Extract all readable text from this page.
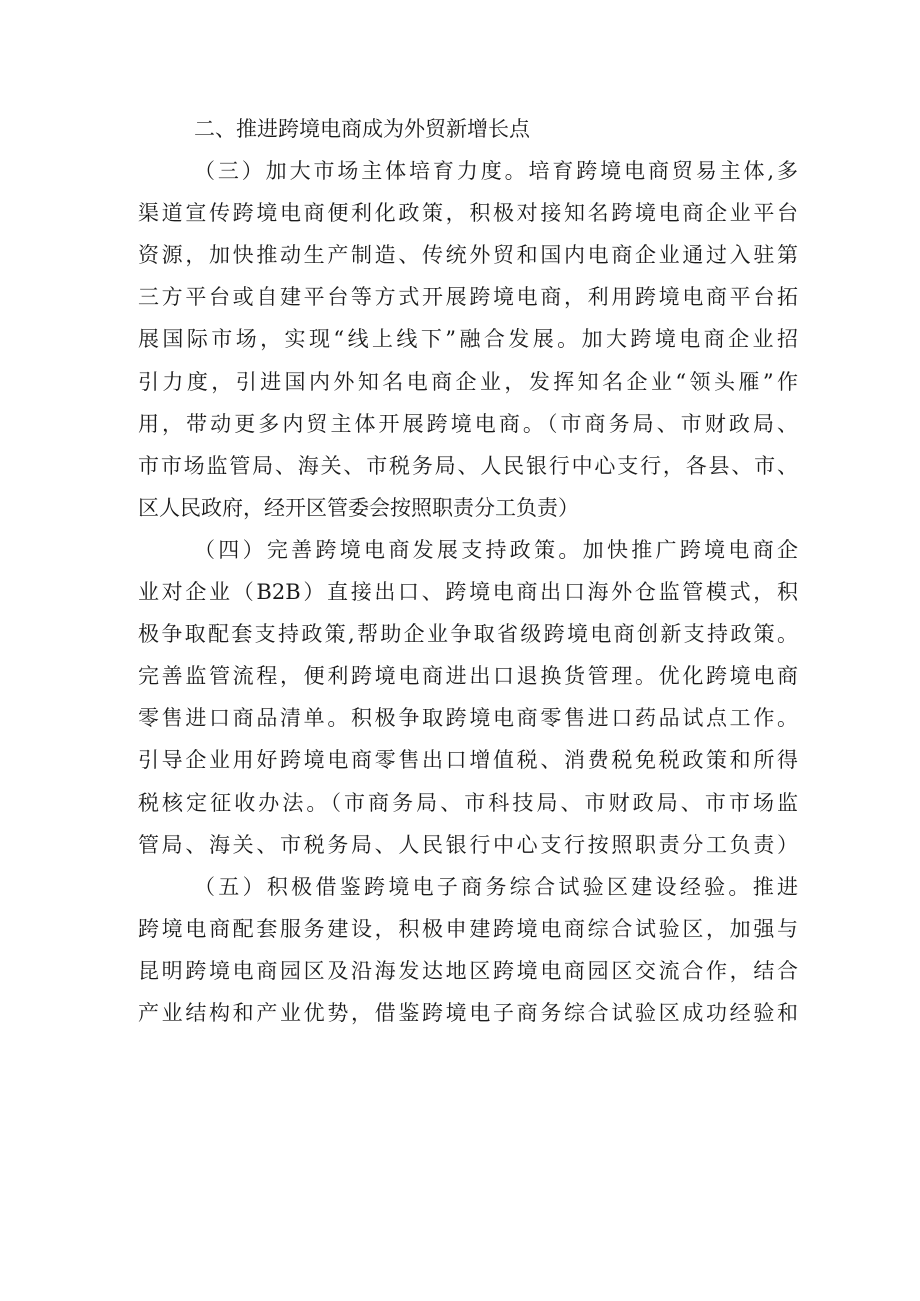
二、推进跨境电商成为外贸新增长点
（三）加大市场主体培育力度。培育跨境电商贸易主体,多
渠道宣传跨境电商便利化政策，积极对接知名跨境电商企业平台
资源，加快推动生产制造、传统外贸和国内电商企业通过入驻第
三方平台或自建平台等方式开展跨境电商，利用跨境电商平台拓
展国际市场，实现“线上线下”融合发展。加大跨境电商企业招
引力度，引进国内外知名电商企业，发挥知名企业“领头雁”作
用，带动更多内贸主体开展跨境电商。（市商务局、市财政局、
市市场监管局、海关、市税务局、人民银行中心支行，各县、市、
区人民政府，经开区管委会按照职责分工负责）
（四）完善跨境电商发展支持政策。加快推广跨境电商企
业对企业（B2B）直接出口、跨境电商出口海外仓监管模式，积
极争取配套支持政策,帮助企业争取省级跨境电商创新支持政策。
完善监管流程，便利跨境电商进出口退换货管理。优化跨境电商
零售进口商品清单。积极争取跨境电商零售进口药品试点工作。
引导企业用好跨境电商零售出口增值税、消费税免税政策和所得
税核定征收办法。（市商务局、市科技局、市财政局、市市场监
管局、海关、市税务局、人民银行中心支行按照职责分工负责）
（五）积极借鉴跨境电子商务综合试验区建设经验。推进
跨境电商配套服务建设，积极申建跨境电商综合试验区，加强与
昆明跨境电商园区及沿海发达地区跨境电商园区交流合作，结合
产业结构和产业优势，借鉴跨境电子商务综合试验区成功经验和
